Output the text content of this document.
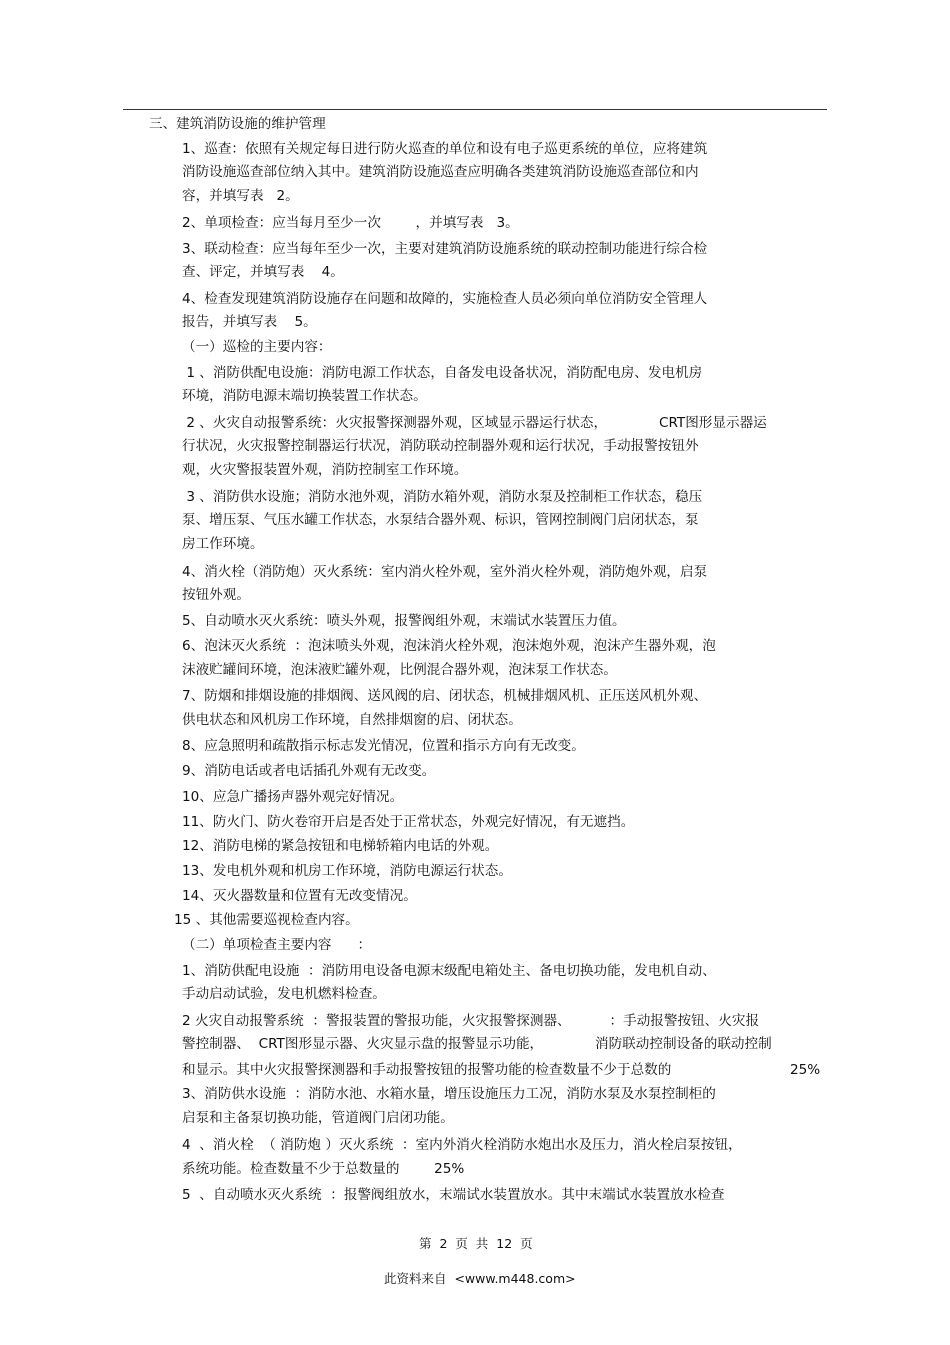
三、建筑消防设施的维护管理
1、巡查：依照有关规定每日进行防火巡查的单位和设有电子巡更系统的单位，应将建筑
消防设施巡查部位纳入其中。建筑消防设施巡查应明确各类建筑消防设施巡查部位和内
容，并填写表   2。
2、单项检查：应当每月至少一次        ，并填写表   3。
3、联动检查：应当每年至少一次，主要对建筑消防设施系统的联动控制功能进行综合检
查、评定，并填写表    4。
4、检查发现建筑消防设施存在问题和故障的，实施检查人员必须向单位消防安全管理人
报告，并填写表    5。
（一）巡检的主要内容：
1 、消防供配电设施：消防电源工作状态，自备发电设备状况，消防配电房、发电机房
环境，消防电源末端切换装置工作状态。
2 、火灾自动报警系统：火灾报警探测器外观，区域显示器运行状态，            CRT图形显示器运
行状况，火灾报警控制器运行状况，消防联动控制器外观和运行状况，手动报警按钮外
观，火灾警报装置外观，消防控制室工作环境。
3 、消防供水设施；消防水池外观，消防水箱外观，消防水泵及控制柜工作状态，稳压
泵、增压泵、气压水罐工作状态，水泵结合器外观、标识，管网控制阀门启闭状态，泵
房工作环境。
4、消火栓（消防炮）灭火系统：室内消火栓外观，室外消火栓外观，消防炮外观，启泵
按钮外观。
5、自动喷水灭火系统：喷头外观，报警阀组外观，末端试水装置压力值。
6、泡沫灭火系统  ：泡沫喷头外观，泡沫消火栓外观，泡沫炮外观，泡沫产生器外观，泡
沫液贮罐间环境，泡沫液贮罐外观，比例混合器外观，泡沫泵工作状态。
7、防烟和排烟设施的排烟阀、送风阀的启、闭状态，机械排烟风机、正压送风机外观、
供电状态和风机房工作环境，自然排烟窗的启、闭状态。
8、应急照明和疏散指示标志发光情况，位置和指示方向有无改变。
9、消防电话或者电话插孔外观有无改变。
10、应急广播扬声器外观完好情况。
11、防火门、防火卷帘开启是否处于正常状态，外观完好情况，有无遮挡。
12、消防电梯的紧急按钮和电梯轿箱内电话的外观。
13、发电机外观和机房工作环境，消防电源运行状态。
14、灭火器数量和位置有无改变情况。
15 、其他需要巡视检查内容。
（二）单项检查主要内容      ：
1、消防供配电设施  ：消防用电设备电源末级配电箱处主、备电切换功能，发电机自动、
手动启动试验，发电机燃料检查。
2 火灾自动报警系统  ：警报装置的警报功能，火灾报警探测器、         ：手动报警按钮、火灾报
警控制器、  CRT图形显示器、火灾显示盘的报警显示功能，            消防联动控制设备的联动控制
和显示。其中火灾报警探测器和手动报警按钮的报警功能的检查数量不少于总数的	25%
3、消防供水设施  ：消防水池、水箱水量，增压设施压力工况，消防水泵及水泵控制柜的
启泵和主备泵切换功能，管道阀门启闭功能。
4  、消火栓  （ 消防炮 ）灭火系统  ：室内外消火栓消防水炮出水及压力，消火栓启泵按钮，
系统功能。检查数量不少于总数量的        25%
5  、自动喷水灭火系统  ：报警阀组放水，末端试水装置放水。其中末端试水装置放水检查
第  2  页  共  12  页
此资料来自  <www.m448.com>
